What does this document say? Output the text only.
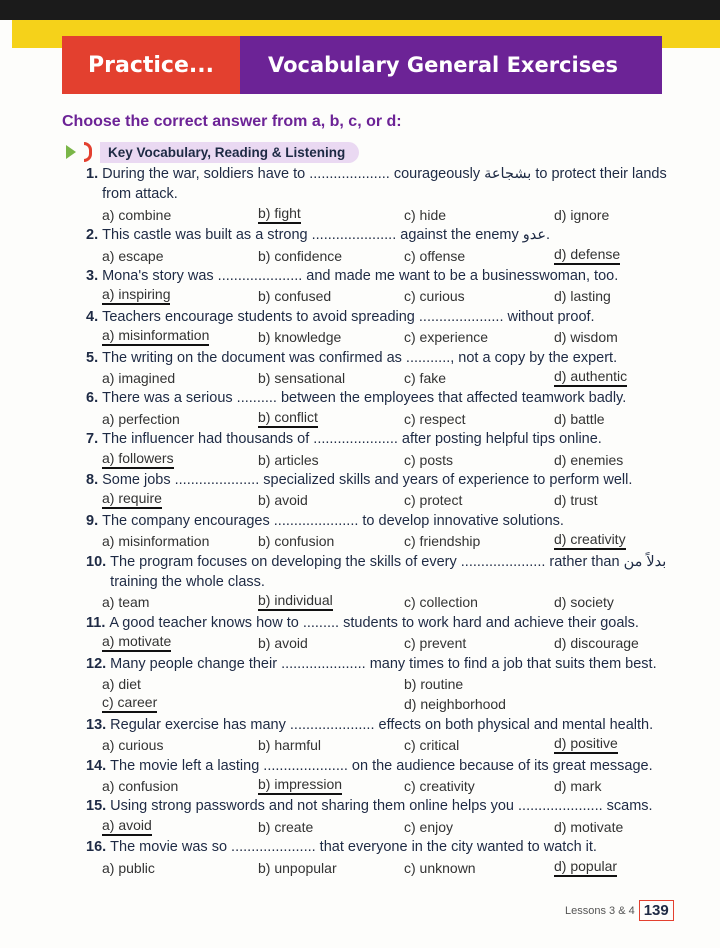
Practice...	Vocabulary General Exercises
Choose the correct answer from a, b, c, or d:
Key Vocabulary, Reading & Listening
1. During the war, soldiers have to .................... courageously بشجاعة to protect their lands from attack.
a) combine	b) fight	c) hide	d) ignore
2. This castle was built as a strong ..................... against the enemy عدو.
a) escape	b) confidence	c) offense	d) defense
3. Mona's story was ..................... and made me want to be a businesswoman, too.
a) inspiring	b) confused	c) curious	d) lasting
4. Teachers encourage students to avoid spreading ..................... without proof.
a) misinformation	b) knowledge	c) experience	d) wisdom
5. The writing on the document was confirmed as ..........., not a copy by the expert.
a) imagined	b) sensational	c) fake	d) authentic
6. There was a serious .......... between the employees that affected teamwork badly.
a) perfection	b) conflict	c) respect	d) battle
7. The influencer had thousands of ..................... after posting helpful tips online.
a) followers	b) articles	c) posts	d) enemies
8. Some jobs ..................... specialized skills and years of experience to perform well.
a) require	b) avoid	c) protect	d) trust
9. The company encourages ..................... to develop innovative solutions.
a) misinformation	b) confusion	c) friendship	d) creativity
10. The program focuses on developing the skills of every ..................... rather than بدلاً من training the whole class.
a) team	b) individual	c) collection	d) society
11. A good teacher knows how to ......... students to work hard and achieve their goals.
a) motivate	b) avoid	c) prevent	d) discourage
12. Many people change their ..................... many times to find a job that suits them best.
a) diet	b) routine
c) career	d) neighborhood
13. Regular exercise has many ..................... effects on both physical and mental health.
a) curious	b) harmful	c) critical	d) positive
14. The movie left a lasting ..................... on the audience because of its great message.
a) confusion	b) impression	c) creativity	d) mark
15. Using strong passwords and not sharing them online helps you ..................... scams.
a) avoid	b) create	c) enjoy	d) motivate
16. The movie was so ..................... that everyone in the city wanted to watch it.
a) public	b) unpopular	c) unknown	d) popular
Lessons 3 & 4 139
